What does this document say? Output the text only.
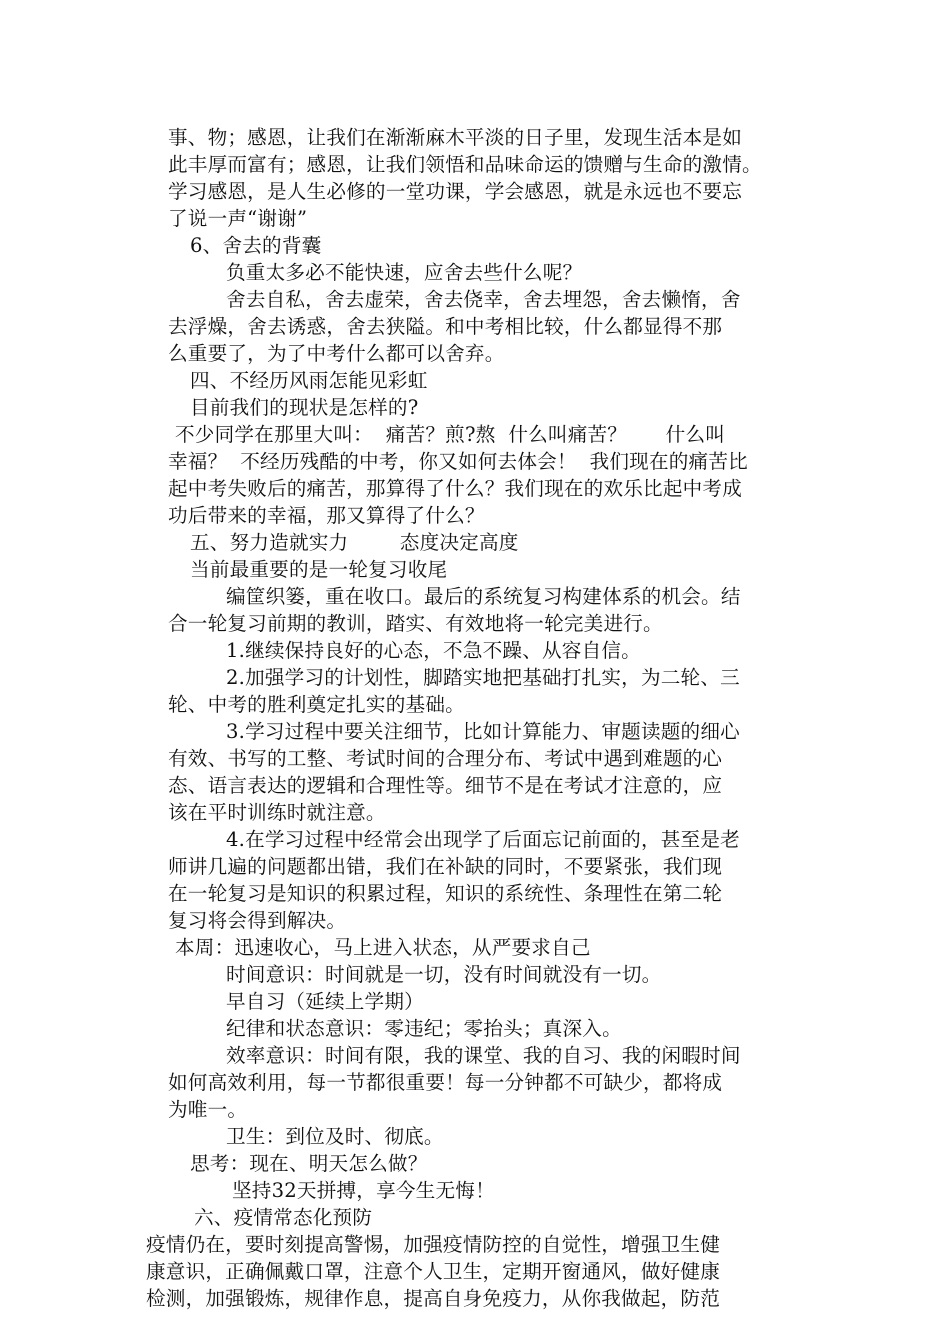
事、物；感恩，让我们在渐渐麻木平淡的日子里，发现生活本是如
此丰厚而富有；感恩，让我们领悟和品味命运的馈赠与生命的激情。
学习感恩，是人生必修的一堂功课，学会感恩，就是永远也不要忘
了说一声“谢谢”
6、舍去的背囊
负重太多必不能快速，应舍去些什么呢？
舍去自私，舍去虚荣，舍去侥幸，舍去埋怨，舍去懒惰，舍
去浮燥，舍去诱惑，舍去狭隘。和中考相比较，什么都显得不那
么重要了，为了中考什么都可以舍弃。
四、不经历风雨怎能见彩虹
目前我们的现状是怎样的?
不少同学在那里大叫：  痛苦？煎?熬  什么叫痛苦？      什么叫
幸福？  不经历残酷的中考，你又如何去体会！  我们现在的痛苦比
起中考失败后的痛苦，那算得了什么？我们现在的欢乐比起中考成
功后带来的幸福，那又算得了什么？
五、努力造就实力        态度决定高度
当前最重要的是一轮复习收尾
编筐织篓，重在收口。最后的系统复习构建体系的机会。结
合一轮复习前期的教训，踏实、有效地将一轮完美进行。
1.继续保持良好的心态，不急不躁、从容自信。
2.加强学习的计划性，脚踏实地把基础打扎实，为二轮、三
轮、中考的胜利奠定扎实的基础。
3.学习过程中要关注细节，比如计算能力、审题读题的细心
有效、书写的工整、考试时间的合理分布、考试中遇到难题的心
态、语言表达的逻辑和合理性等。细节不是在考试才注意的，应
该在平时训练时就注意。
4.在学习过程中经常会出现学了后面忘记前面的，甚至是老
师讲几遍的问题都出错，我们在补缺的同时，不要紧张，我们现
在一轮复习是知识的积累过程，知识的系统性、条理性在第二轮
复习将会得到解决。
本周：迅速收心，马上进入状态，从严要求自己
时间意识：时间就是一切，没有时间就没有一切。
早自习（延续上学期）
纪律和状态意识：零违纪；零抬头；真深入。
效率意识：时间有限，我的课堂、我的自习、我的闲暇时间
如何高效利用，每一节都很重要！每一分钟都不可缺少，都将成
为唯一。
卫生：到位及时、彻底。
思考：现在、明天怎么做？
坚持32天拼搏，享今生无悔！
六、疫情常态化预防
疫情仍在，要时刻提高警惕，加强疫情防控的自觉性，增强卫生健
康意识，正确佩戴口罩，注意个人卫生，定期开窗通风，做好健康
检测，加强锻炼，规律作息，提高自身免疫力，从你我做起，防范
